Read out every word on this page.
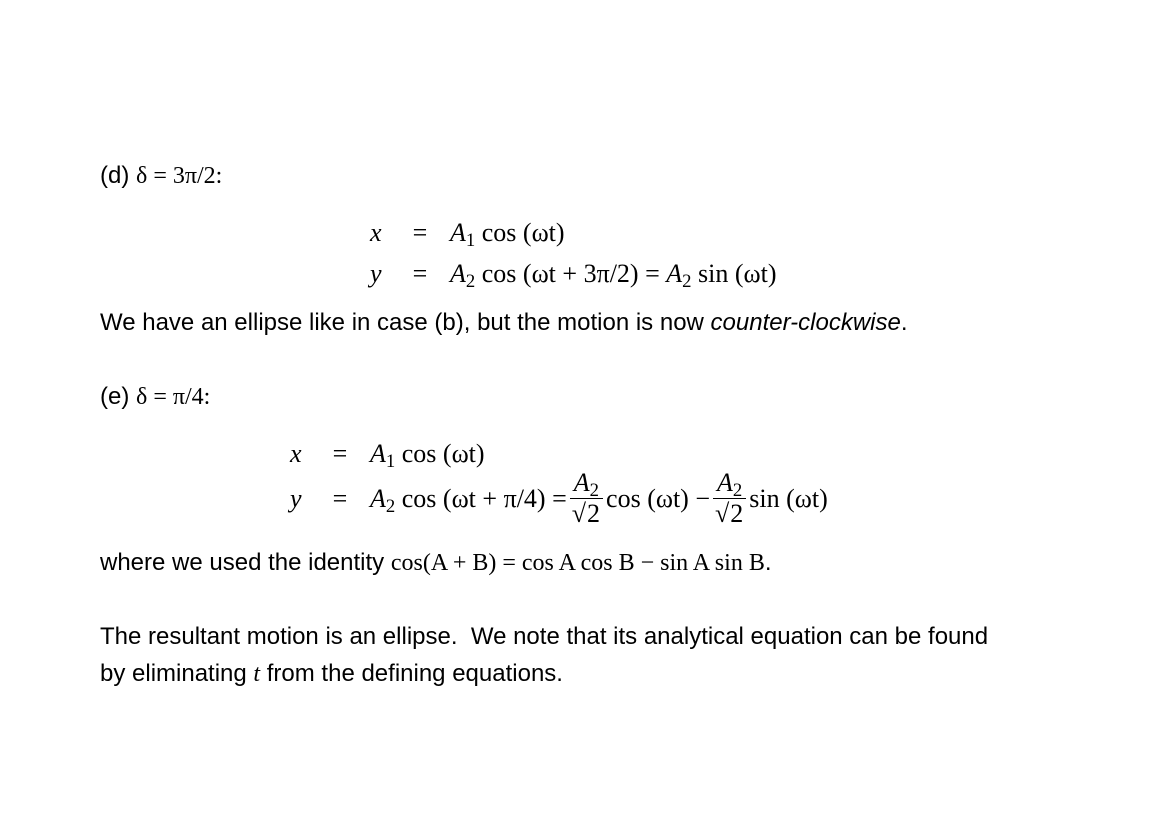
(d) δ = 3π/2:
$x = A_1$ cos (ωt)
$y = A_2$ $\cos (\omega t + 3\pi/2) = A_2$ sin (ωt)
We have an ellipse like in case (b), but the motion is now counter-clockwise.
(e) δ = π/4:
$x = A_1$ cos (ωt)
$y = A_2$ $\cos (\omega t + \pi/4) = \frac{A_2}{√2}$ $\cos (\omega t) - \frac{A_2}{√2}$ sin (ωt)
where we used the identity cos(A + B) = cos A cos B − sin A sin B.
The resultant motion is an ellipse.  We note that its analytical equation can be found
by eliminating t from the defining equations.
